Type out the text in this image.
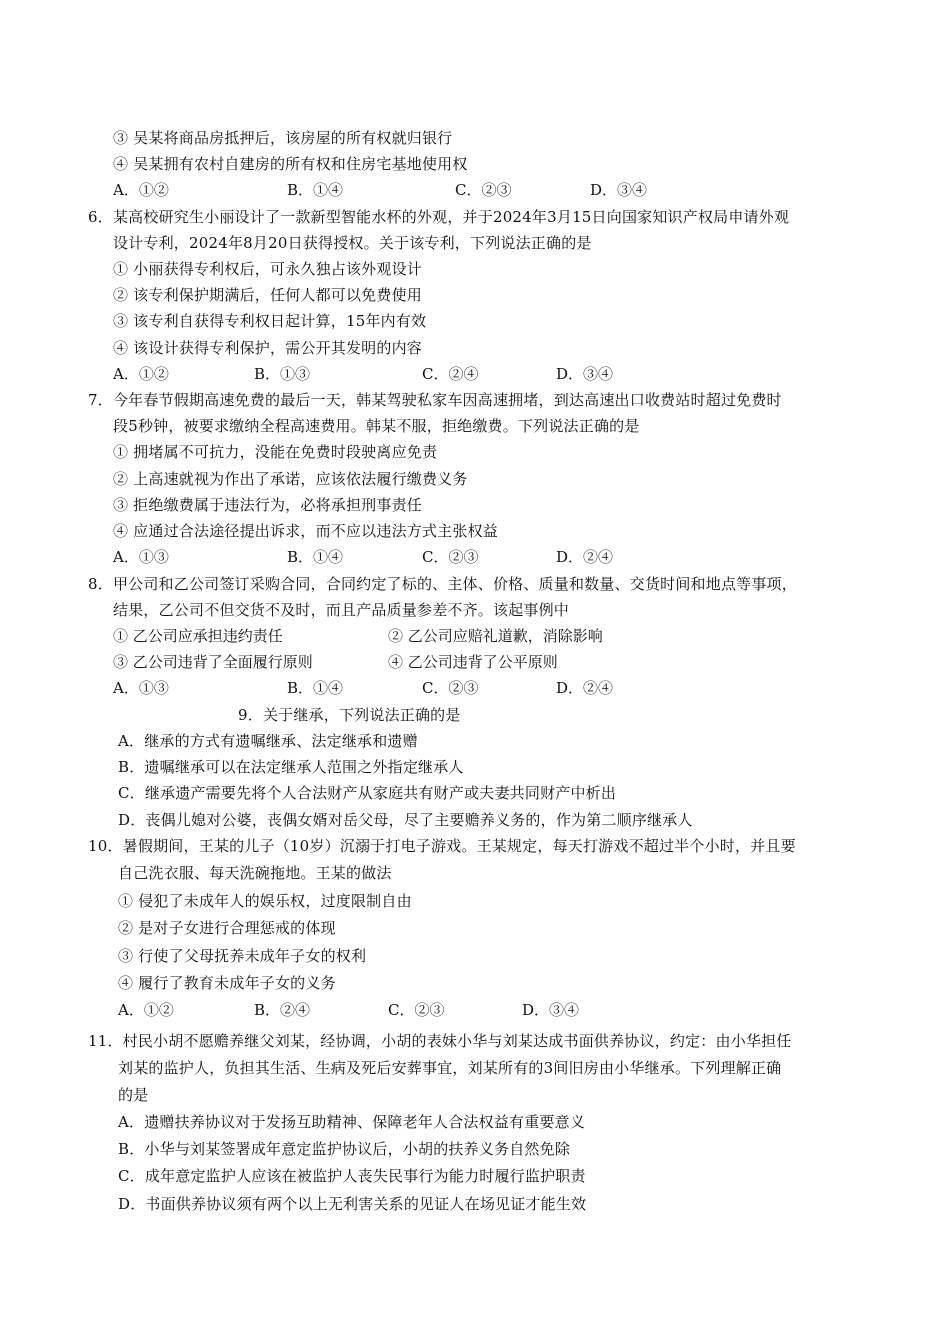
③ 吴某将商品房抵押后，该房屋的所有权就归银行
④ 吴某拥有农村自建房的所有权和住房宅基地使用权
A．①②	B．①④	C．②③	D．③④
6．某高校研究生小丽设计了一款新型智能水杯的外观，并于2024年3月15日向国家知识产权局申请外观
设计专利，2024年8月20日获得授权。关于该专利，下列说法正确的是
① 小丽获得专利权后，可永久独占该外观设计
② 该专利保护期满后，任何人都可以免费使用
③ 该专利自获得专利权日起计算，15年内有效
④ 该设计获得专利保护，需公开其发明的内容
A．①②	B．①③	C．②④	D．③④
7．今年春节假期高速免费的最后一天，韩某驾驶私家车因高速拥堵，到达高速出口收费站时超过免费时
段5秒钟，被要求缴纳全程高速费用。韩某不服，拒绝缴费。下列说法正确的是
① 拥堵属不可抗力，没能在免费时段驶离应免责
② 上高速就视为作出了承诺，应该依法履行缴费义务
③ 拒绝缴费属于违法行为，必将承担刑事责任
④ 应通过合法途径提出诉求，而不应以违法方式主张权益
A．①③	B．①④	C．②③	D．②④
8．甲公司和乙公司签订采购合同，合同约定了标的、主体、价格、质量和数量、交货时间和地点等事项，
结果，乙公司不但交货不及时，而且产品质量参差不齐。该起事例中
① 乙公司应承担违约责任	② 乙公司应赔礼道歉，消除影响
③ 乙公司违背了全面履行原则	④ 乙公司违背了公平原则
A．①③	B．①④	C．②③	D．②④
9．关于继承，下列说法正确的是
A．继承的方式有遗嘱继承、法定继承和遗赠
B．遗嘱继承可以在法定继承人范围之外指定继承人
C．继承遗产需要先将个人合法财产从家庭共有财产或夫妻共同财产中析出
D．丧偶儿媳对公婆，丧偶女婿对岳父母，尽了主要赡养义务的，作为第二顺序继承人
10．暑假期间，王某的儿子（10岁）沉溺于打电子游戏。王某规定，每天打游戏不超过半个小时，并且要
自己洗衣服、每天洗碗拖地。王某的做法
① 侵犯了未成年人的娱乐权，过度限制自由
② 是对子女进行合理惩戒的体现
③ 行使了父母抚养未成年子女的权利
④ 履行了教育未成年子女的义务
A．①②	B．②④	C．②③	D．③④
11．村民小胡不愿赡养继父刘某，经协调，小胡的表妹小华与刘某达成书面供养协议，约定：由小华担任
刘某的监护人，负担其生活、生病及死后安葬事宜，刘某所有的3间旧房由小华继承。下列理解正确
的是
A．遗赠扶养协议对于发扬互助精神、保障老年人合法权益有重要意义
B．小华与刘某签署成年意定监护协议后，小胡的扶养义务自然免除
C．成年意定监护人应该在被监护人丧失民事行为能力时履行监护职责
D．书面供养协议须有两个以上无利害关系的见证人在场见证才能生效
